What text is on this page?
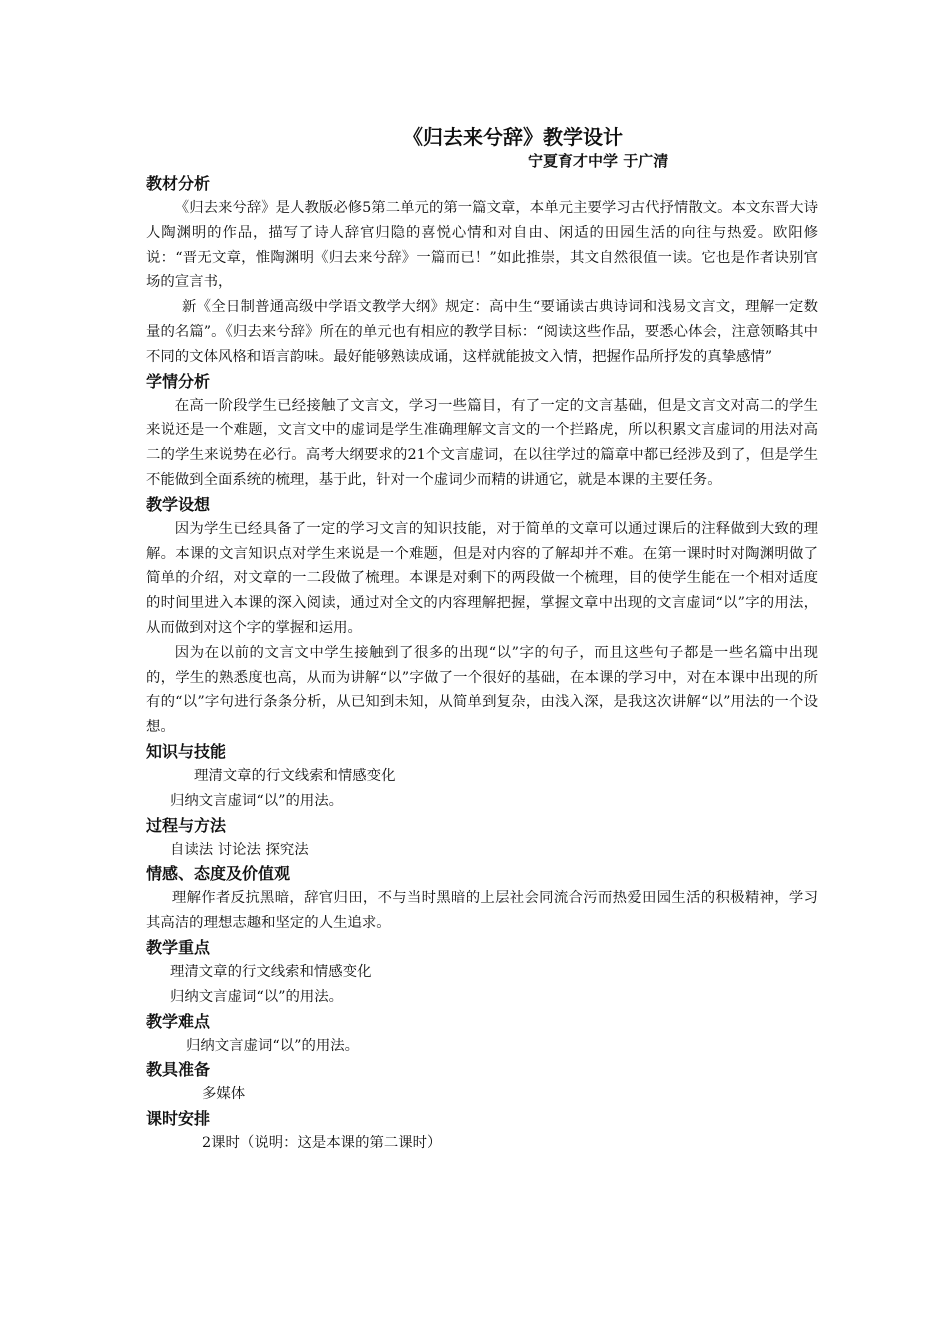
《归去来兮辞》教学设计
宁夏育才中学 于广清
教材分析

《归去来兮辞》是人教版必修5第二单元的第一篇文章，本单元主要学习古代抒情散文。本文东晋大诗人陶渊明的作品，描写了诗人辞官归隐的喜悦心情和对自由、闲适的田园生活的向往与热爱。欧阳修说：“晋无文章，惟陶渊明《归去来兮辞》一篇而已！”如此推崇，其文自然很值一读。它也是作者诀别官场的宣言书，

新《全日制普通高级中学语文教学大纲》规定：高中生“要诵读古典诗词和浅易文言文，理解一定数量的名篇”。《归去来兮辞》所在的单元也有相应的教学目标：“阅读这些作品，要悉心体会，注意领略其中不同的文体风格和语言韵味。最好能够熟读成诵，这样就能披文入情，把握作品所抒发的真挚感情”

学情分析

在高一阶段学生已经接触了文言文，学习一些篇目，有了一定的文言基础，但是文言文对高二的学生来说还是一个难题，文言文中的虚词是学生准确理解文言文的一个拦路虎，所以积累文言虚词的用法对高二的学生来说势在必行。高考大纲要求的21个文言虚词，在以往学过的篇章中都已经涉及到了，但是学生不能做到全面系统的梳理，基于此，针对一个虚词少而精的讲通它，就是本课的主要任务。

教学设想

因为学生已经具备了一定的学习文言的知识技能，对于简单的文章可以通过课后的注释做到大致的理解。本课的文言知识点对学生来说是一个难题，但是对内容的了解却并不难。在第一课时时对陶渊明做了简单的介绍，对文章的一二段做了梳理。本课是对剩下的两段做一个梳理，目的使学生能在一个相对适度的时间里进入本课的深入阅读，通过对全文的内容理解把握，掌握文章中出现的文言虚词“以”字的用法，从而做到对这个字的掌握和运用。

因为在以前的文言文中学生接触到了很多的出现“以”字的句子，而且这些句子都是一些名篇中出现的，学生的熟悉度也高，从而为讲解“以”字做了一个很好的基础，在本课的学习中，对在本课中出现的所有的“以”字句进行条条分析，从已知到未知，从简单到复杂，由浅入深，是我这次讲解“以”用法的一个设想。

知识与技能

理清文章的行文线索和情感变化

归纳文言虚词“以”的用法。

过程与方法

自读法 讨论法 探究法

情感、态度及价值观

理解作者反抗黑暗，辞官归田，不与当时黑暗的上层社会同流合污而热爱田园生活的积极精神，学习其高洁的理想志趣和坚定的人生追求。

教学重点

理清文章的行文线索和情感变化

归纳文言虚词“以”的用法。

教学难点

归纳文言虚词“以”的用法。

教具准备

多媒体

课时安排

2课时（说明：这是本课的第二课时）
